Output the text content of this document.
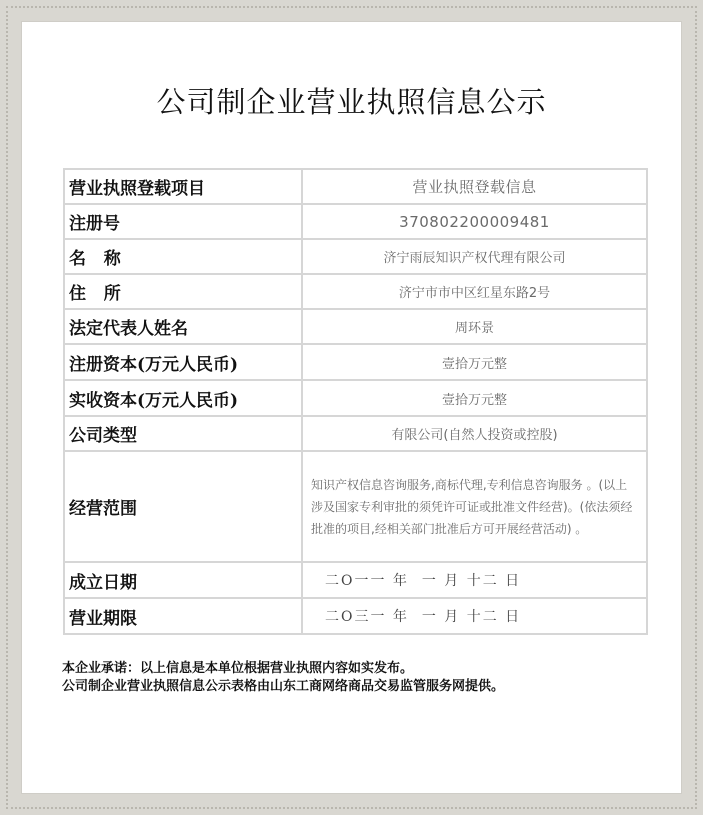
公司制企业营业执照信息公示
营业执照登载项目	营业执照登载信息
注册号	370802200009481
名   称	济宁雨辰知识产权代理有限公司
住   所	济宁市市中区红星东路2号
法定代表人姓名	周环景
注册资本(万元人民币)	壹拾万元整
实收资本(万元人民币)	壹拾万元整
公司类型	有限公司(自然人投资或控股)
经营范围	知识产权信息咨询服务,商标代理,专利信息咨询服务 。(以上涉及国家专利审批的须凭许可证或批准文件经营)。(依法须经批准的项目,经相关部门批准后方可开展经营活动) 。
成立日期	二O一一 年  一 月 十二 日
营业期限	二O三一 年  一 月 十二 日
本企业承诺：以上信息是本单位根据营业执照内容如实发布。
公司制企业营业执照信息公示表格由山东工商网络商品交易监管服务网提供。
